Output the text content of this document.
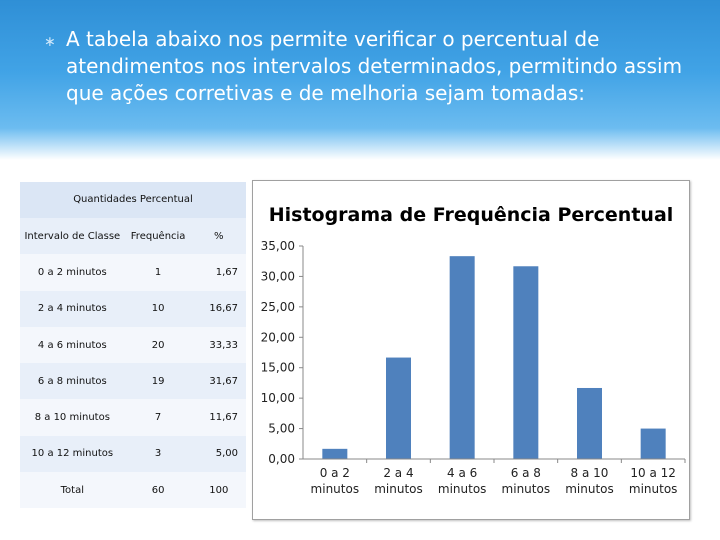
∗ A tabela abaixo nos permite verificar o percentual de atendimentos nos intervalos determinados, permitindo assim que ações corretivas e de melhoria sejam tomadas:
Quantidades Percentual
Intervalo de Classe	Frequência	%
0 a 2 minutos	1	1,67
2 a 4 minutos	10	16,67
4 a 6 minutos	20	33,33
6 a 8 minutos	19	31,67
8 a 10 minutos	7	11,67
10 a 12 minutos	3	5,00
Total	60	100
Histograma de Frequência Percentual
0,00
5,00
10,00
15,00
20,00
25,00
30,00
35,00
0 a 2 minutos
2 a 4 minutos
4 a 6 minutos
6 a 8 minutos
8 a 10 minutos
10 a 12 minutos
